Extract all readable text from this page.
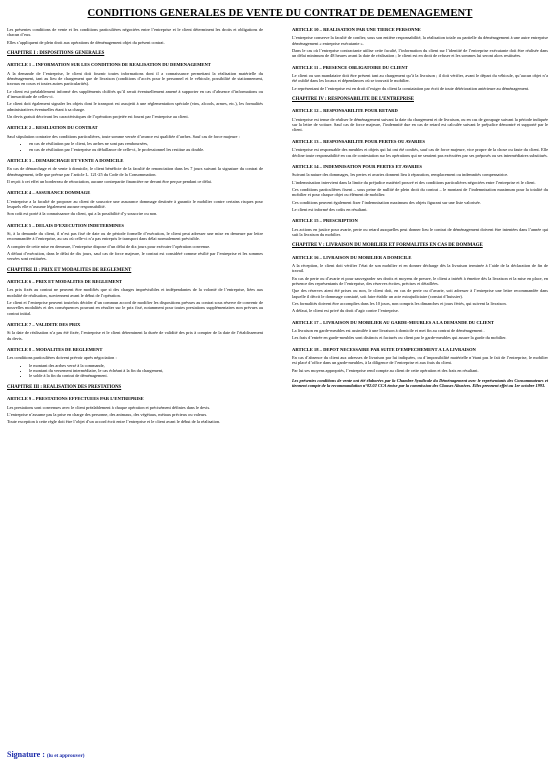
CONDITIONS GENERALES DE VENTE DU CONTRAT DE DEMENAGEMENT

Les présentes conditions de vente et les conditions particulières négociées entre l’entreprise et le client déterminent les droits et obligations de chacun d’eux.

Elles s’appliquent de plein droit aux opérations de déménagement objet du présent contrat.

CHAPITRE I : DISPOSITIONS GENERALES
ARTICLE 1 – INFORMATION SUR LES CONDITIONS DE REALISATION DU DEMENAGEMENT

A la demande de l’entreprise, le client doit fournir toutes informations dont il a connaissance permettant la réalisation matérielle du déménagement, tant au lieu de chargement que de livraison (conditions d’accès pour le personnel et le véhicule, possibilité de stationnement, travaux en cours et toutes autres particularités).

Le client est préalablement informé des suppléments chiffrés qu’il serait éventuellement amené à supporter en cas d’absence d’informations ou d’inexactitude de celles-ci.

Le client doit également signaler les objets dont le transport est assujetti à une réglementation spéciale (vins, alcools, armes, etc.), les formalités administratives éventuelles étant à sa charge.

Un devis gratuit décrivant les caractéristiques de l’opération projetée est fourni par l’entreprise au client.

ARTICLE 2 – RESILIATION DU CONTRAT

Sauf stipulation contraire des conditions particulières, toute somme versée d’avance est qualifiée d’arrhes. Sauf cas de force majeure :

• en cas de résiliation par le client, les arrhes ne sont pas remboursées,
• en cas de résiliation par l’entreprise ou défaillance de celle-ci, le professionnel les restitue au double.
ARTICLE 3 – DEMARCHAGE ET VENTE A DOMICILE

En cas de démarchage et de vente à domicile, le client bénéficie de la faculté de renonciation dans les 7 jours suivant la signature du contrat de déménagement, telle que prévue par l’article L. 121-25 du Code de la Consommation.

Il reçoit à cet effet un bordereau de rétractation, aucune contrepartie financière ne devant être perçue pendant ce délai.

ARTICLE 4 – ASSURANCE DOMMAGE

L’entreprise a la faculté de proposer au client de souscrire une assurance dommage destinée à garantir le mobilier contre certains risques pour lesquels elle n’assume légalement aucune responsabilité.

Son coût est porté à la connaissance du client, qui a la possibilité d’y souscrire ou non.

ARTICLE 5 – DELAIS D’EXECUTION INDETERMINES

Si, à la demande du client, il n’est pas fixé de date ou de période formelle d’exécution, le client peut adresser une mise en demeure par lettre recommandée à l’entreprise, au cas où celle-ci n’a pas entrepris le transport dans délai normalement prévisible.

A compter de cette mise en demeure, l’entreprise dispose d’un délai de dix jours pour exécuter l’opération convenue.

A défaut d’exécution, dans le délai de dix jours, sauf cas de force majeure, le contrat est considéré comme résilié par l’entreprise et les sommes versées sont restituées.

CHAPITRE II : PRIX ET MODALITES DE REGLEMENT
ARTICLE 6 – PRIX ET MODALITES DE REGLEMENT

Les prix fixés au contrat ne peuvent être modifiés que si des charges imprévisibles et indépendantes de la volonté de l’entreprise, liées aux modalité de réalisation, surviennent avant le début de l’opération.

Le client et l’entreprise peuvent toutefois décider d’un commun accord de modifier les dispositions prévues au contrat sous réserve de convenir de nouvelles modalités et des conséquences pouvant en résulter sur le prix fixé, notamment pour toutes prestations supplémentaires non prévues au contrat initial.

ARTICLE 7 – VALIDITE DES PRIX

Si la date de réalisation n’a pas été fixée, l’entreprise et le client déterminent la durée de validité des prix à compter de la date de l’établissement du devis.

ARTICLE 8 – MODALITES DE REGLEMENT

Les conditions particulières doivent prévoir après négociation :

• le montant des arrhes versé à la commande,
• le montant du versement intermédiaire, le cas échéant à la fin du chargement,
• le solde à la fin du contrat de déménagement.
CHAPITRE III : REALISATION DES PRESTATIONS
ARTICLE 9 – PRESTATIONS EFFECTUEES PAR L’ENTREPRISE

Les prestations sont convenues avec le client préalablement à chaque opération et précisément définies dans le devis.

L’entreprise n’assume pas la prise en charge des personne, des animaux, des végétaux, métaux précieux ou valeurs.

Toute exception à cette règle doit être l’objet d’un accord écrit entre l’entreprise et le client avant le début de la réalisation.

ARTICLE 10 – REALISATION PAR UNE TIERCE PERSONNE

L’entreprise conserve la faculté de confier, sous son entière responsabilité, la réalisation totale ou partielle du déménagement à une autre entreprise déménagement « entreprise exécutante ».

Dans le cas où l’entreprise contractante utilise cette faculté, l’information du client sur l’identité de l’entreprise exécutante doit être réalisée dans un délai minimum de 48 heures avant la date de réalisation ; le client est en droit de refuser et les sommes lui seront alors restituées.

ARTICLE 11 – PRESENCE OBLIGATOIRE DU CLIENT

Le client ou son mandataire doit être présent tant au chargement qu’à la livraison ; il doit vérifier, avant le départ du véhicule, qu’aucun objet n’a été oublié dans les locaux et dépendances où se trouvait le mobilier.

Le représentant de l’entreprise est en droit d’exiger du client la constatation par écrit de toute détérioration antérieure au déménagement.

CHAPITRE IV : RESPONSABILITE DE L’ENTREPRISE
ARTICLE 12 – RESPONSABILITE POUR RETARD

L’entreprise est tenue de réaliser le déménagement suivant la date du chargement et de livraison, ou en cas de groupage suivant la période indiquée sur la lettre de voiture. Sauf cas de force majeure, l’indemnité due en cas de retard est calculée suivant le préjudice démontré et supporté par le client.

ARTICLE 13 – RESPONSABILITE POUR PERTES OU AVARIES

L’entreprise est responsable des meubles et objets qui lui ont été confiés, sauf cas de force majeure, vice propre de la chose ou faute du client. Elle décline toute responsabilité en cas de contestation sur les opérations qui ne seraient pas exécutées par ses préposés ou ses intermédiaires substitués.

ARTICLE 14 – INDEMNISATION POUR PERTES ET AVARIES

Suivant la nature des dommages, les pertes et avaries donnent lieu à réparation, remplacement ou indemnités compensatrice.

L’indemnisation intervient dans la limite du préjudice matériel prouvé et des conditions particulières négociées entre l’entreprise et le client.

Ces conditions particulières fixent – sous peine de nullité de plein droit du contrat – le montant de l’indemnisation maximum pour la totalité du mobilier et pour chaque objet ou élément de mobilier.

Ces conditions peuvent également fixer l’indemnisation maximum des objets figurant sur une liste valorisée.

Le client est informé des coûts en résultant.

ARTICLE 15 – PRESCRIPTION

Les actions en justice pour avarie, perte ou retard auxquelles peut donner lieu le contrat de déménagement doivent être intentées dans l’année qui suit la livraison du mobilier.

CHAPITRE V : LIVRAISON DU MOBILIER ET FORMALITES EN CAS DE DOMMAGE
ARTICLE 16 – LIVRAISON DU MOBILIER A DOMICILE

A la réception, le client doit vérifier l’état de son mobilier et en donner décharge dès la livraison terminée à l’aide de la déclaration de fin de travail.

En cas de perte ou d’avarie et pour sauvegarder ses droits et moyens de preuve, le client a intérêt à émettre dès la livraison et la mise en place, en présence des représentants de l’entreprise, des réserves écrites, précises et détaillées.

Que des réserves aient été prises ou non, le client doit, en cas de perte ou d’avarie, soit adresser à l’entreprise une lettre recommandée dans laquelle il décrit le dommage constaté, soit faire établir un acte extrajudiciaire (constat d’huissier).

Ces formalités doivent être accomplies dans les 10 jours, non compris les dimanches et jours fériés, qui suivent la livraison.

A défaut, le client est privé du droit d’agir contre l’entreprise.

ARTICLE 17 – LIVRAISON DU MOBILIER AU GARDE-MEUBLES A LA DEMANDE DU CLIENT

La livraison en garde-meubles est assimilée à une livraison à domicile et met fin au contrat de déménagement .

Les frais d’entrée en garde-meubles sont distincts et facturés ou client par le garde-meubles qui assure la garde du mobilier.

ARTICLE 18 – DEPOT NECESSAIRE PAR SUITE D’EMPECHEMENT A LA LIVRAISON

En cas d’absence du client aux adresses de livraison par lui indiquées, ou d’impossibilité matérielle n’étant pas le fait de l’entreprise, le mobilier est placé d’office dans un garde-meubles, à la diligence de l’entreprise et aux frais du client.

Par lui ses moyens appropriés, l’entreprise rend compte au client de cette opération et des frais en résultant.

Les présentes conditions de vente ont été élaborées par la Chambre Syndicale du Déménagement avec le représentants des Consommateurs et tiennent compte de la recommandation n°82.02 CCA émise par la commission des Clauses Abusives. Elles prennent effet au 1er octobre 1993.

Signature : (lu et approuver)
